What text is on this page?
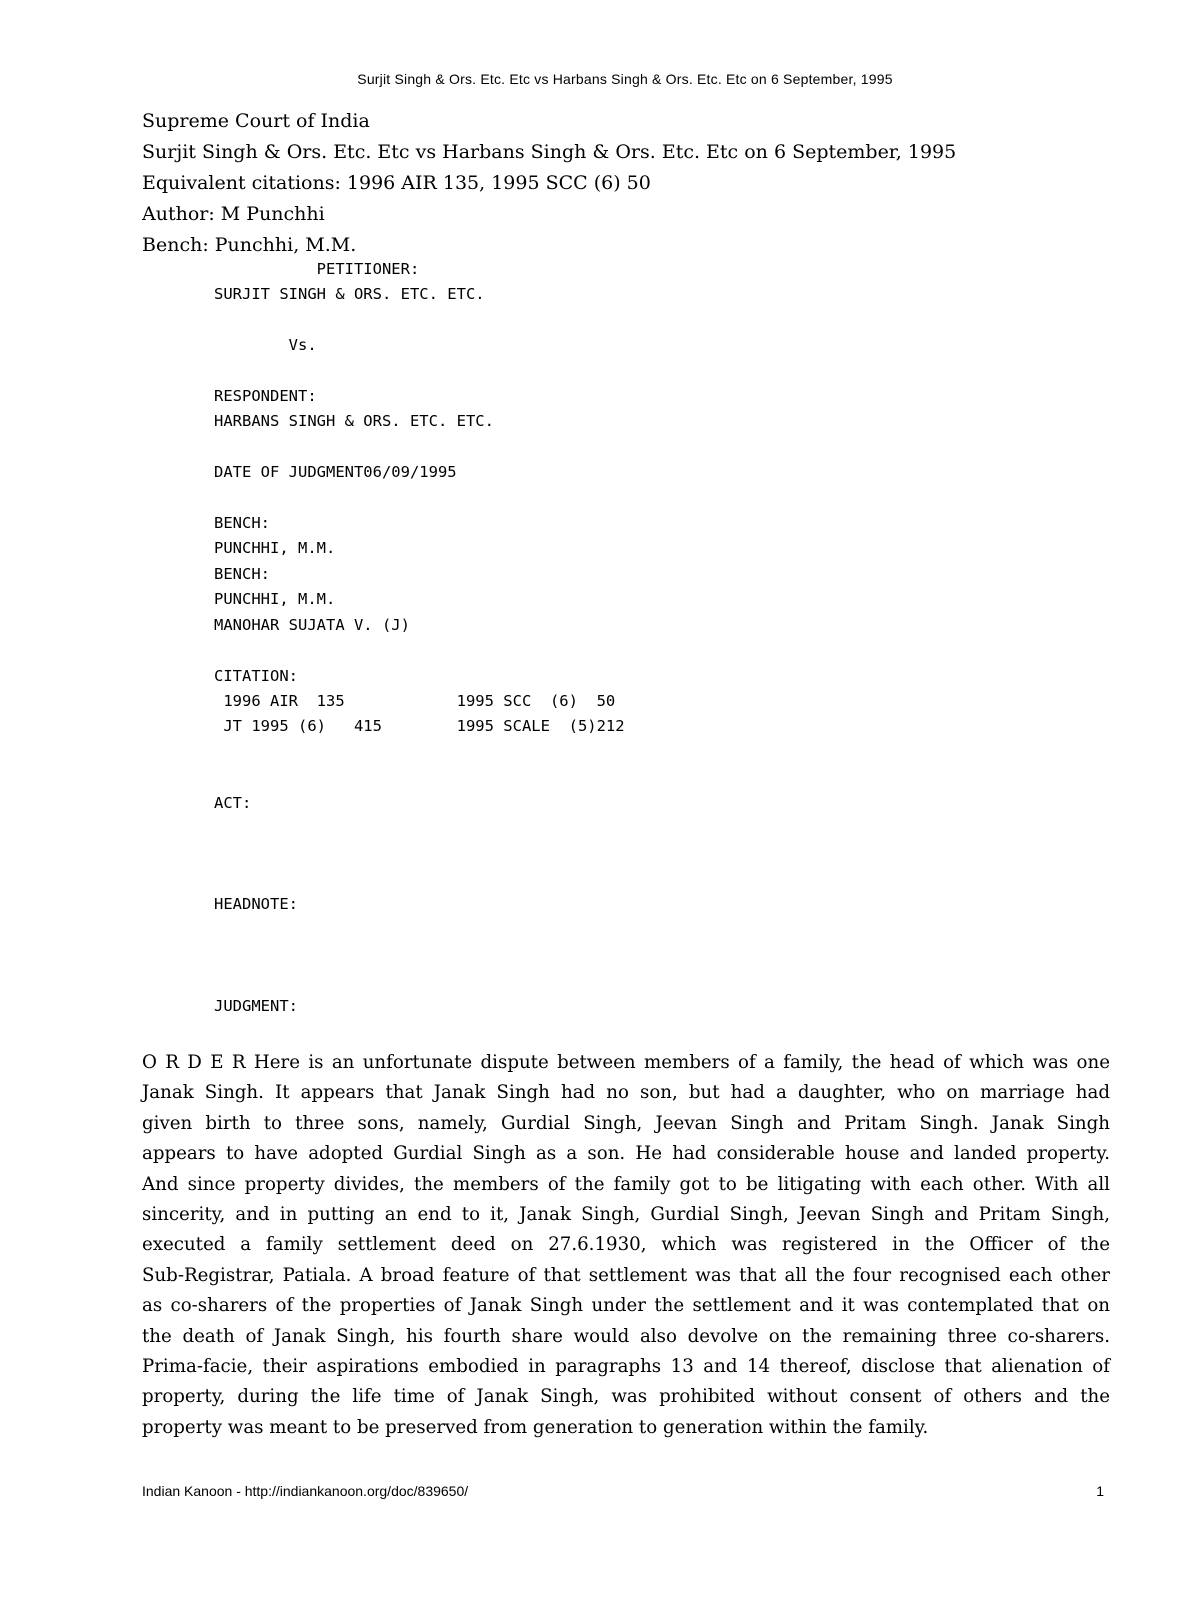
Surjit Singh & Ors. Etc. Etc vs Harbans Singh & Ors. Etc. Etc on 6 September, 1995
Supreme Court of India
Surjit Singh & Ors. Etc. Etc vs Harbans Singh & Ors. Etc. Etc on 6 September, 1995
Equivalent citations: 1996 AIR 135, 1995 SCC (6) 50
Author: M Punchhi
Bench: Punchhi, M.M.
PETITIONER:
SURJIT SINGH & ORS. ETC. ETC.

Vs.

RESPONDENT:
HARBANS SINGH & ORS. ETC. ETC.

DATE OF JUDGMENT06/09/1995

BENCH:
PUNCHHI, M.M.
BENCH:
PUNCHHI, M.M.
MANOHAR SUJATA V. (J)

CITATION:
1996 AIR  135            1995 SCC  (6)  50
JT 1995 (6)   415        1995 SCALE  (5)212

ACT:

HEADNOTE:

JUDGMENT:
O R D E R Here is an unfortunate dispute between members of a family, the head of which was one
Janak Singh. It appears that Janak Singh had no son, but had a daughter, who on marriage had
given birth to three sons, namely, Gurdial Singh, Jeevan Singh and Pritam Singh. Janak Singh
appears to have adopted Gurdial Singh as a son. He had considerable house and landed property.
And since property divides, the members of the family got to be litigating with each other. With all
sincerity, and in putting an end to it, Janak Singh, Gurdial Singh, Jeevan Singh and Pritam Singh,
executed a family settlement deed on 27.6.1930, which was registered in the Officer of the
Sub-Registrar, Patiala. A broad feature of that settlement was that all the four recognised each other
as co-sharers of the properties of Janak Singh under the settlement and it was contemplated that on
the death of Janak Singh, his fourth share would also devolve on the remaining three co-sharers.
Prima-facie, their aspirations embodied in paragraphs 13 and 14 thereof, disclose that alienation of
property, during the life time of Janak Singh, was prohibited without consent of others and the
property was meant to be preserved from generation to generation within the family.
Indian Kanoon - http://indiankanoon.org/doc/839650/	1
